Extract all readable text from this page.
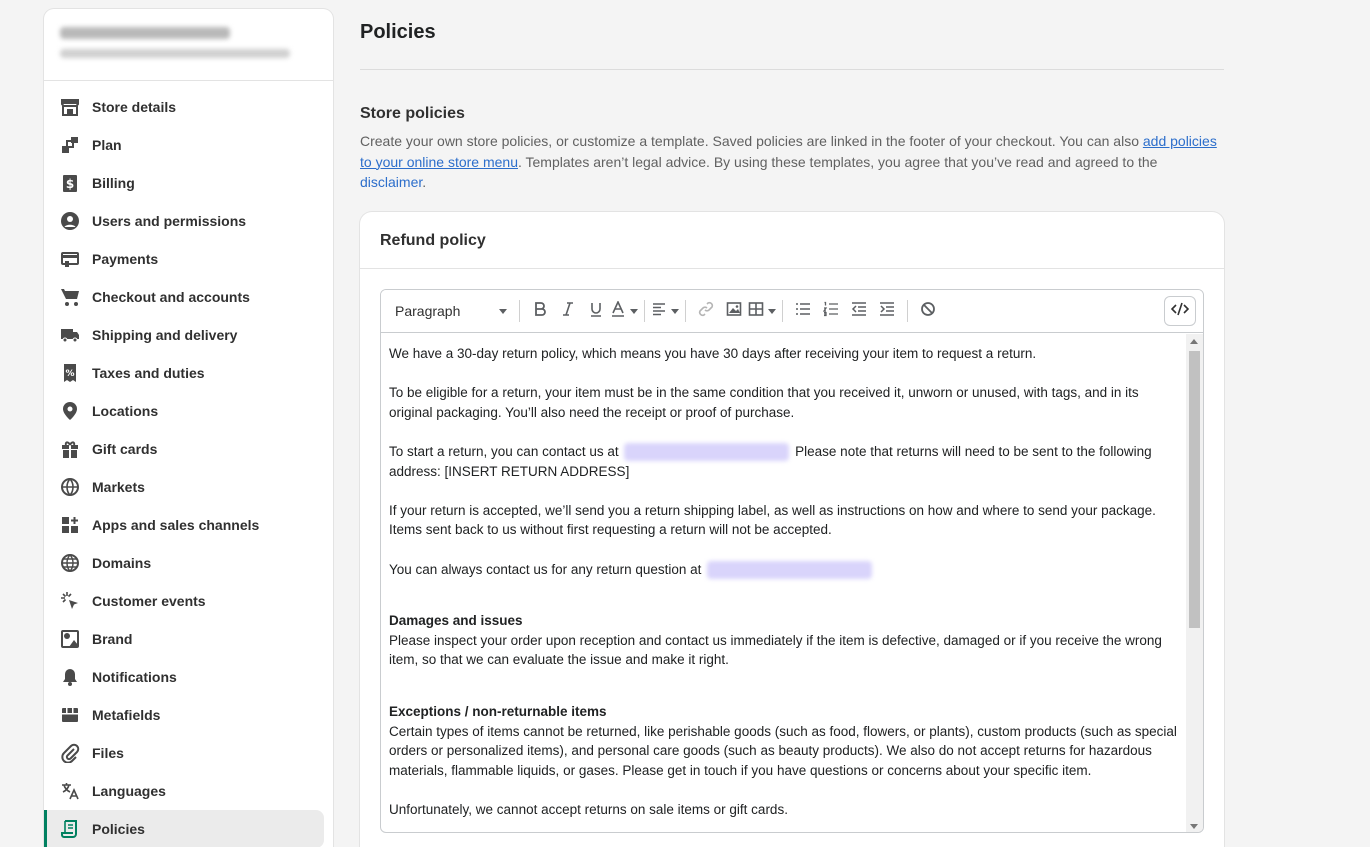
Store details
Plan
$ Billing
Users and permissions
Payments
Checkout and accounts
Shipping and delivery
% Taxes and duties
Locations
Gift cards
Markets
Apps and sales channels
Domains
Customer events
Brand
Notifications
Metafields
Files
Languages
Policies
Policies
Store policies
Create your own store policies, or customize a template. Saved policies are linked in the footer of your checkout. You can also add policies to your online store menu. Templates aren’t legal advice. By using these templates, you agree that you’ve read and agreed to the disclaimer.
Refund policy
Paragraph

We have a 30-day return policy, which means you have 30 days after receiving your item to request a return.

To be eligible for a return, your item must be in the same condition that you received it, unworn or unused, with tags, and in its original packaging. You’ll also need the receipt or proof of purchase.

To start a return, you can contact us at	Please note that returns will need to be sent to the following address: [INSERT RETURN ADDRESS]

If your return is accepted, we’ll send you a return shipping label, as well as instructions on how and where to send your package. Items sent back to us without first requesting a return will not be accepted.

You can always contact us for any return question at

Damages and issues

Please inspect your order upon reception and contact us immediately if the item is defective, damaged or if you receive the wrong item, so that we can evaluate the issue and make it right.

Exceptions / non-returnable items

Certain types of items cannot be returned, like perishable goods (such as food, flowers, or plants), custom products (such as special orders or personalized items), and personal care goods (such as beauty products). We also do not accept returns for hazardous materials, flammable liquids, or gases. Please get in touch if you have questions or concerns about your specific item.

Unfortunately, we cannot accept returns on sale items or gift cards.
